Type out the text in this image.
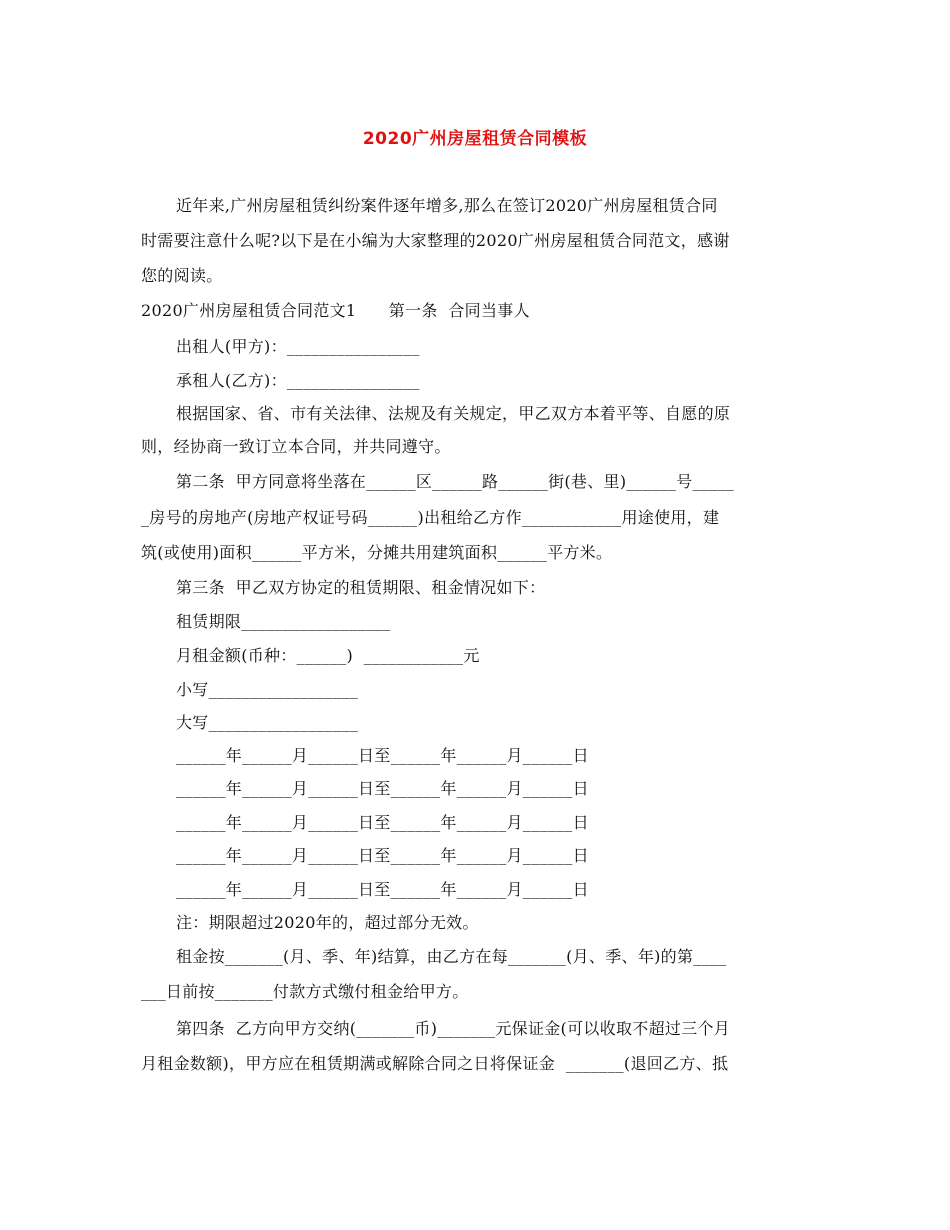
2020广州房屋租赁合同模板
近年来,广州房屋租赁纠纷案件逐年增多,那么在签订2020广州房屋租赁合同
时需要注意什么呢?以下是在小编为大家整理的2020广州房屋租赁合同范文，感谢
您的阅读。
2020广州房屋租赁合同范文1      第一条  合同当事人
出租人(甲方)：________________
承租人(乙方)：________________
根据国家、省、市有关法律、法规及有关规定，甲乙双方本着平等、自愿的原
则，经协商一致订立本合同，并共同遵守。
第二条  甲方同意将坐落在______区______路______街(巷、里)______号_____
_房号的房地产(房地产权证号码______)出租给乙方作____________用途使用，建
筑(或使用)面积______平方米，分摊共用建筑面积______平方米。
第三条  甲乙双方协定的租赁期限、租金情况如下：
租赁期限__________________
月租金额(币种：______)  ____________元
小写__________________
大写__________________
______年______月______日至______年______月______日
______年______月______日至______年______月______日
______年______月______日至______年______月______日
______年______月______日至______年______月______日
______年______月______日至______年______月______日
注：期限超过2020年的，超过部分无效。
租金按_______(月、季、年)结算，由乙方在每_______(月、季、年)的第____
___日前按_______付款方式缴付租金给甲方。
第四条  乙方向甲方交纳(_______币)_______元保证金(可以收取不超过三个月
月租金数额)，甲方应在租赁期满或解除合同之日将保证金  _______(退回乙方、抵
